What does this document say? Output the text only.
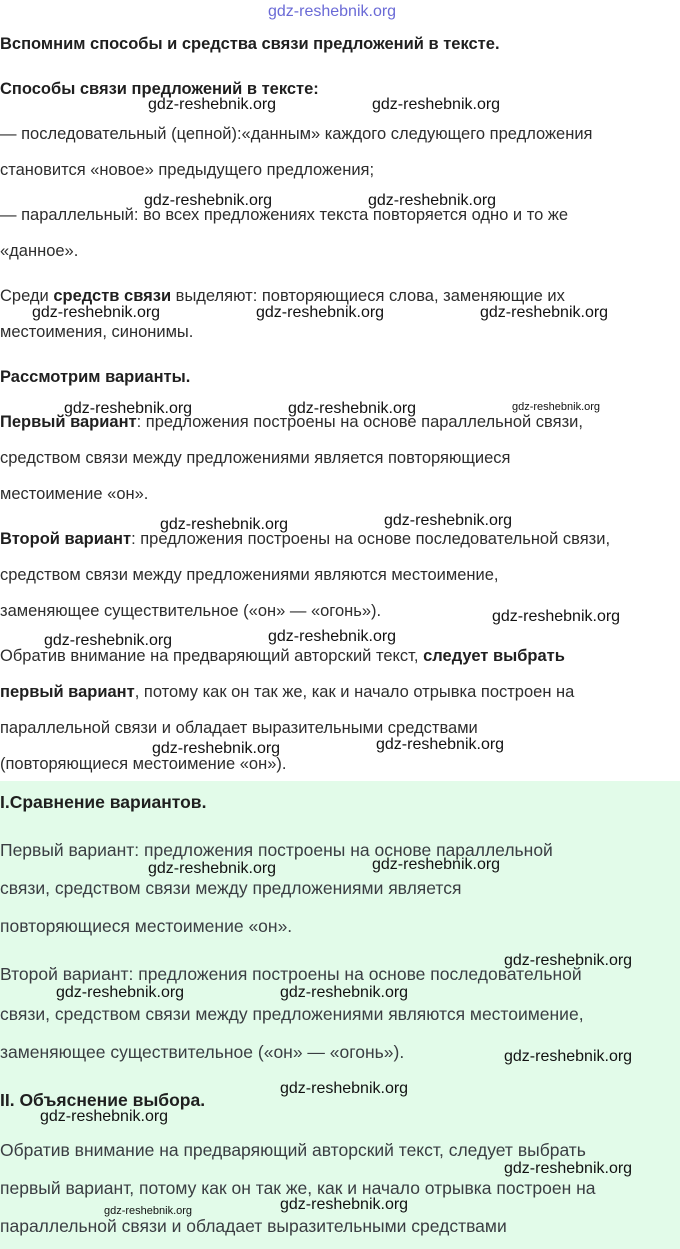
Вспомним способы и средства связи предложений в тексте.
Способы связи предложений в тексте:
— последовательный (цепной):«данным» каждого следующего предложения
становится «новое» предыдущего предложения;
— параллельный: во всех предложениях текста повторяется одно и то же
«данное».
Среди средств связи выделяют: повторяющиеся слова, заменяющие их
местоимения, синонимы.
Рассмотрим варианты.
Первый вариант: предложения построены на основе параллельной связи,
средством связи между предложениями является повторяющиеся
местоимение «он».
Второй вариант: предложения построены на основе последовательной связи,
средством связи между предложениями являются местоимение,
заменяющее существительное («он» — «огонь»).
Обратив внимание на предваряющий авторский текст, следует выбрать
первый вариант, потому как он так же, как и начало отрывка построен на
параллельной связи и обладает выразительными средствами
(повторяющиеся местоимение «он»).
I.Сравнение вариантов.
Первый вариант: предложения построены на основе параллельной
связи, средством связи между предложениями является
повторяющиеся местоимение «он».
Второй вариант: предложения построены на основе последовательной
связи, средством связи между предложениями являются местоимение,
заменяющее существительное («он» — «огонь»).
II. Объяснение выбора.
Обратив внимание на предваряющий авторский текст, следует выбрать
первый вариант, потому как он так же, как и начало отрывка построен на
параллельной связи и обладает выразительными средствами
gdz-reshebnik.org
gdz-reshebnik.org	gdz-reshebnik.org
gdz-reshebnik.org	gdz-reshebnik.org
gdz-reshebnik.org	gdz-reshebnik.org	gdz-reshebnik.org
gdz-reshebnik.org	gdz-reshebnik.org	gdz-reshebnik.org
gdz-reshebnik.org	gdz-reshebnik.org
gdz-reshebnik.org
gdz-reshebnik.org	gdz-reshebnik.org
gdz-reshebnik.org	gdz-reshebnik.org
gdz-reshebnik.org	gdz-reshebnik.org
gdz-reshebnik.org
gdz-reshebnik.org	gdz-reshebnik.org
gdz-reshebnik.org
gdz-reshebnik.org
gdz-reshebnik.org
gdz-reshebnik.org
gdz-reshebnik.org
gdz-reshebnik.org
